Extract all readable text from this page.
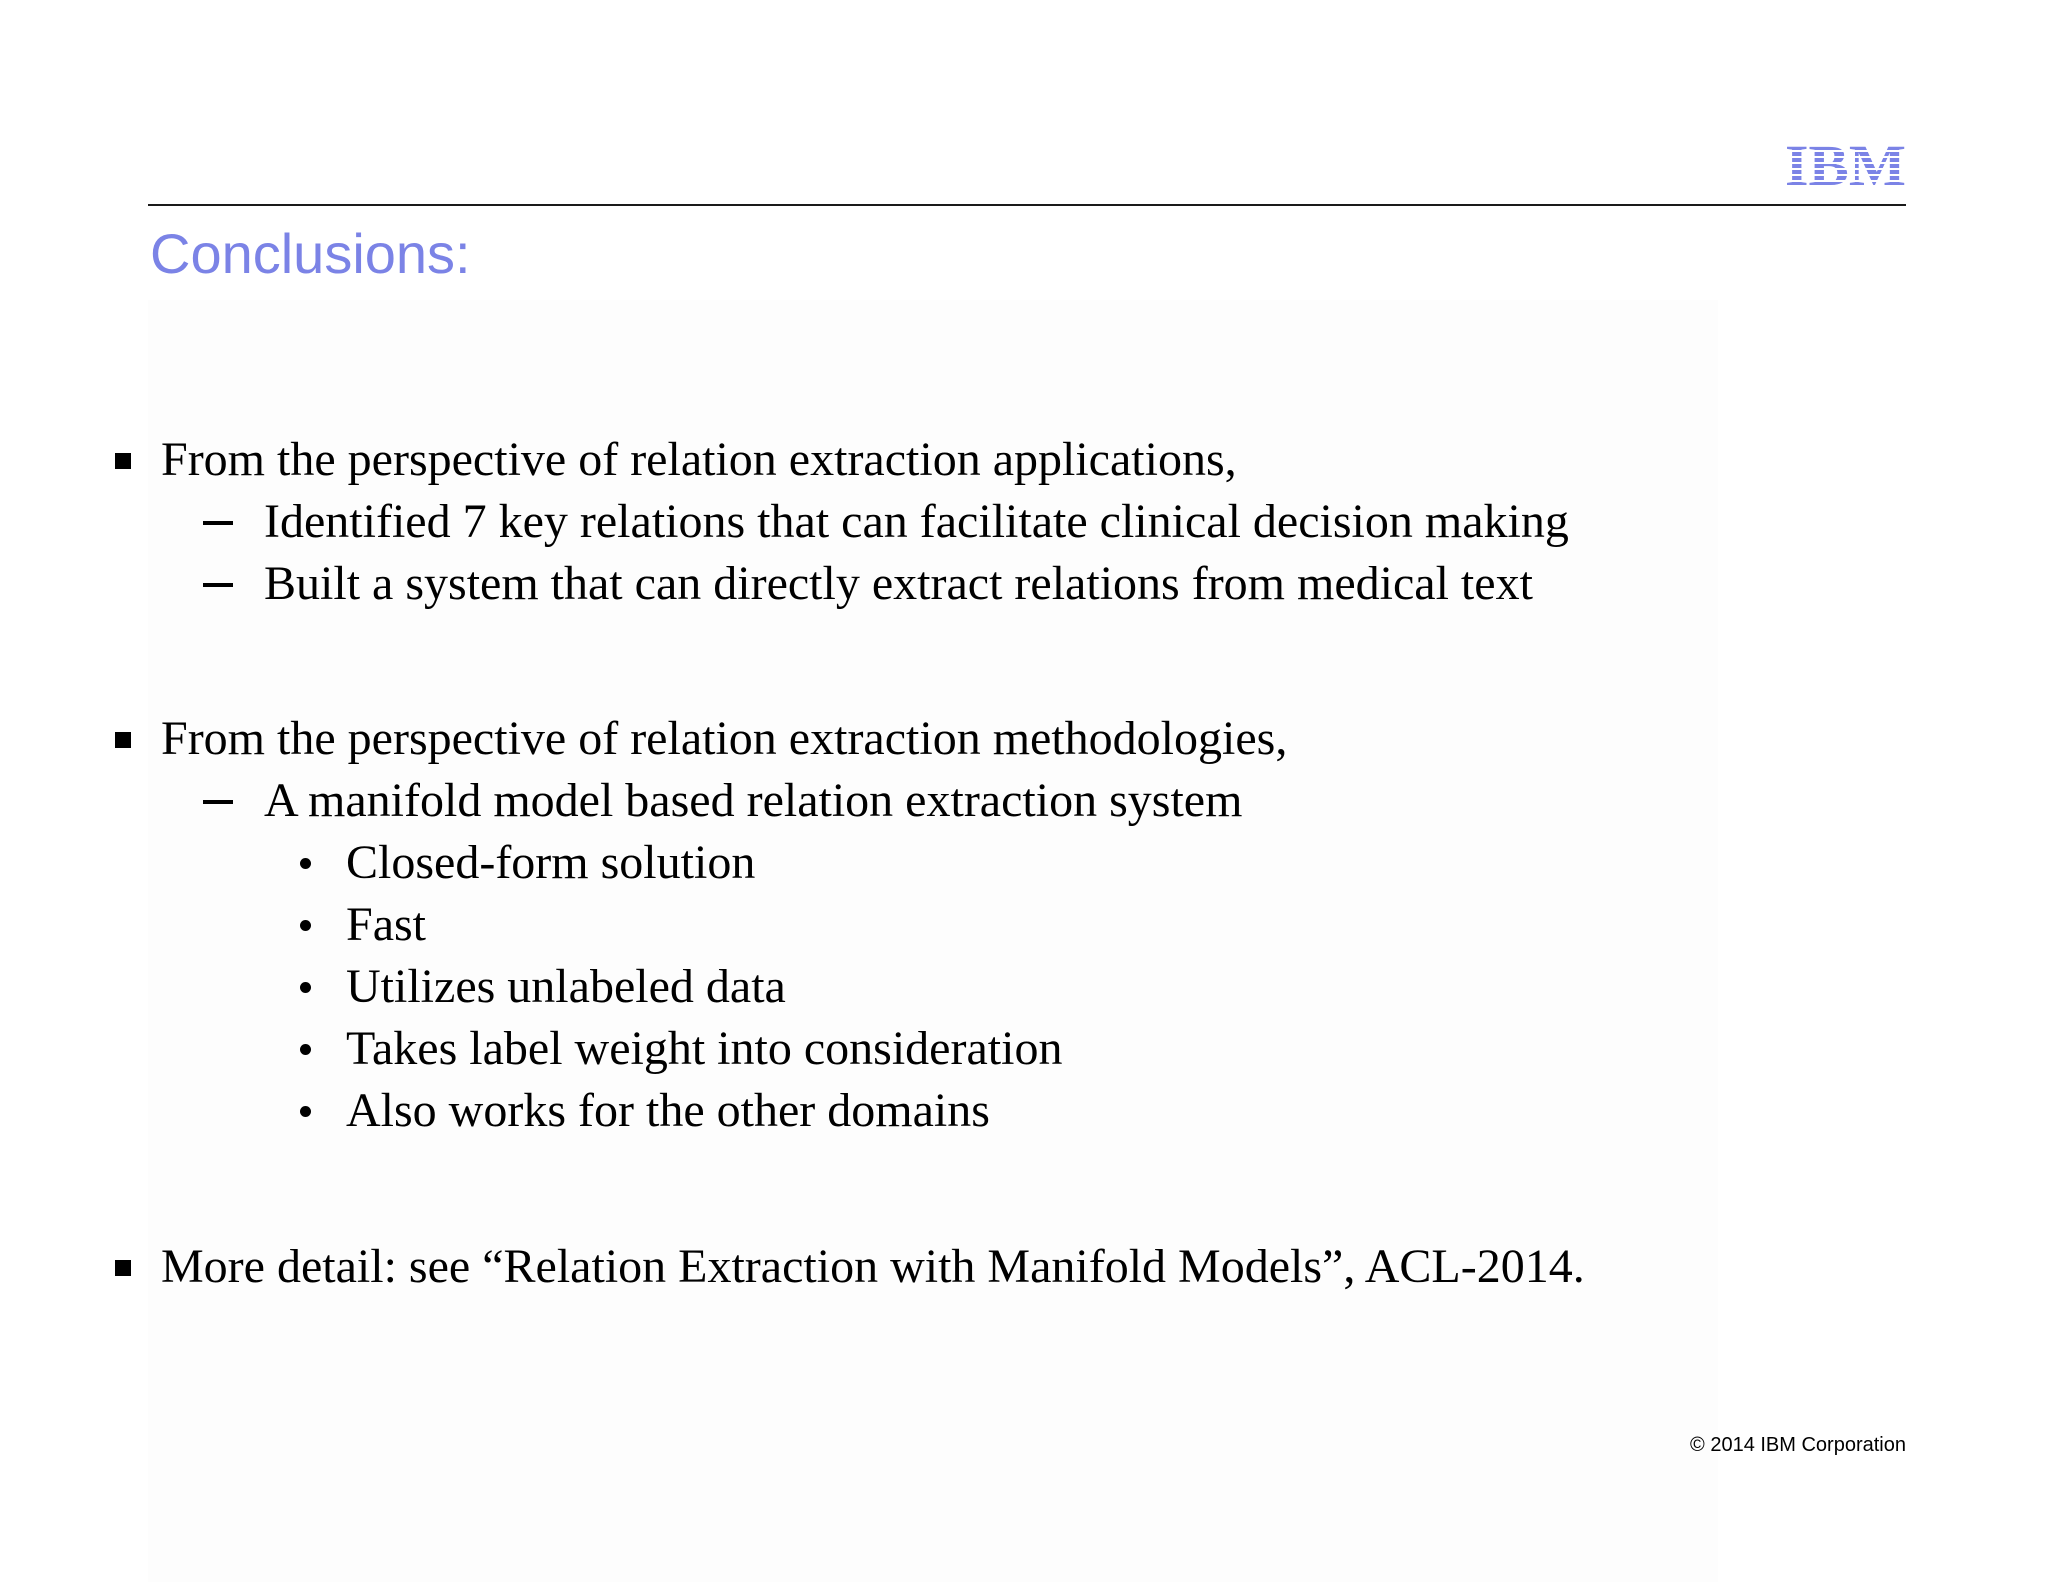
IBM
Conclusions:

From the perspective of relation extraction applications,

Identified 7 key relations that can facilitate clinical decision making

Built a system that can directly extract relations from medical text

From the perspective of relation extraction methodologies,

A manifold model based relation extraction system

Closed-form solution

Fast

Utilizes unlabeled data

Takes label weight into consideration

Also works for the other domains

More detail: see “Relation Extraction with Manifold Models”, ACL-2014.

© 2014 IBM Corporation
